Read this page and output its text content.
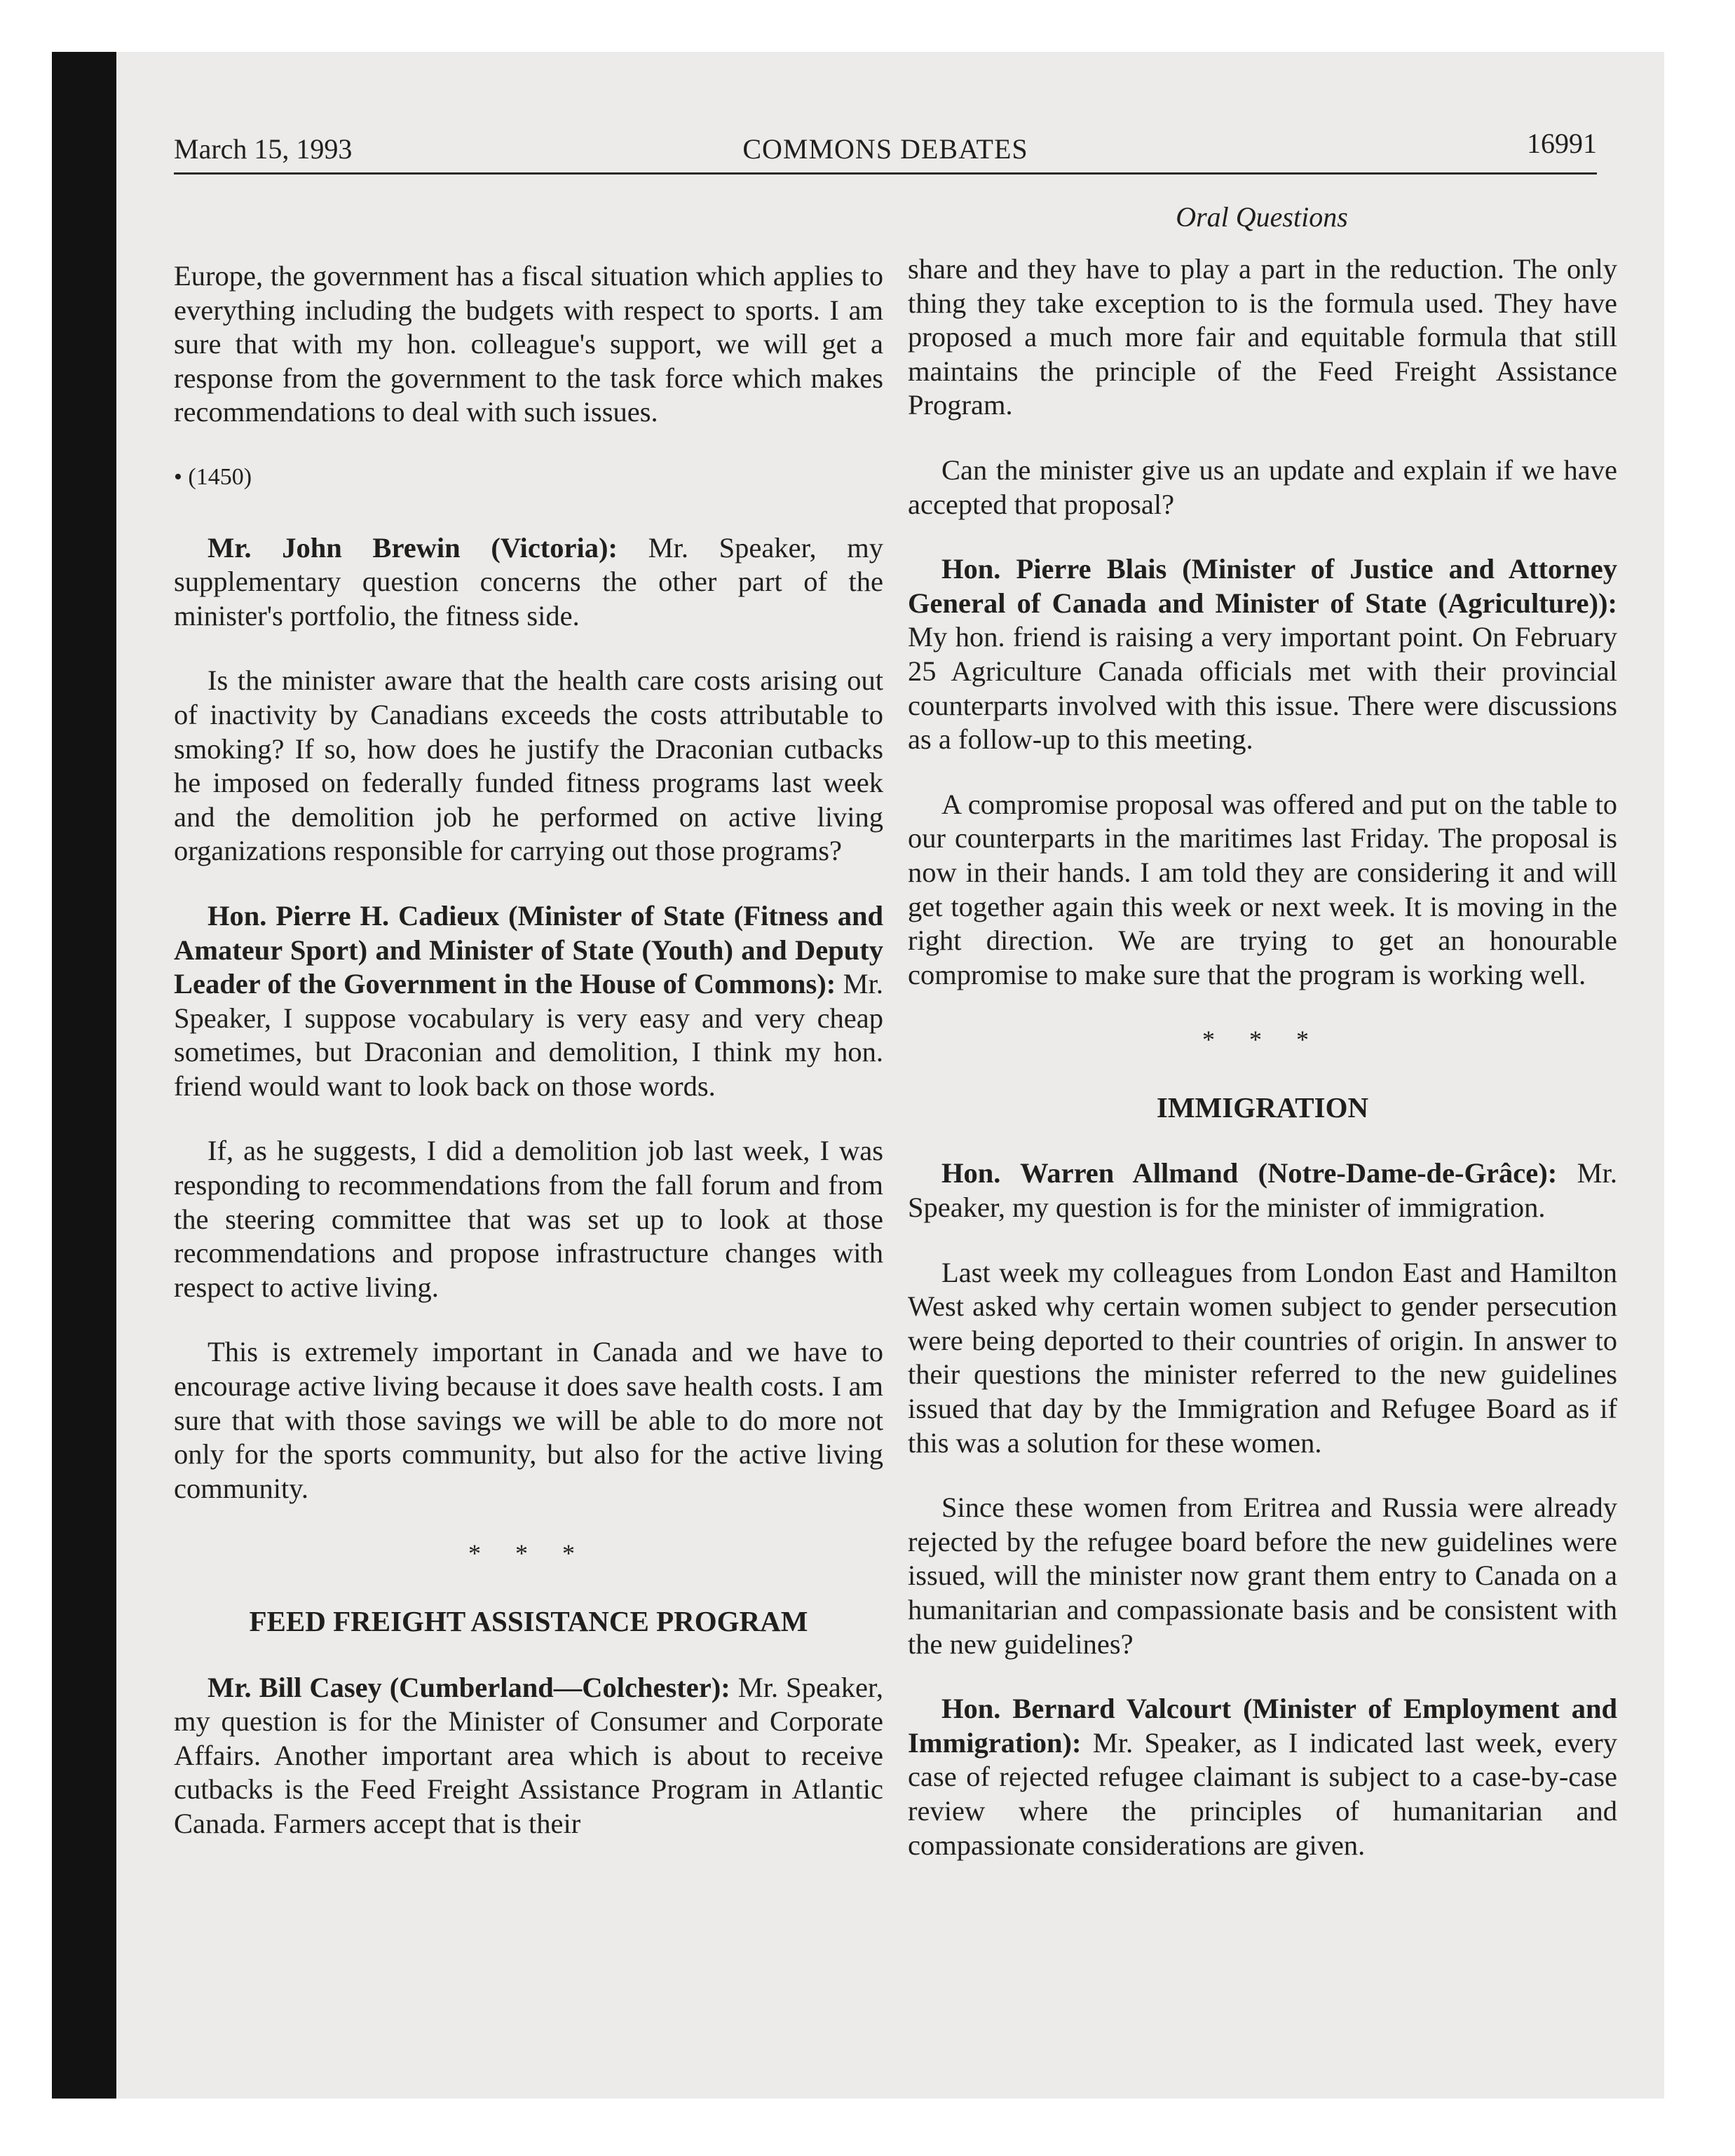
March 15, 1993	COMMONS DEBATES	16991
Oral Questions

Europe, the government has a fiscal situation which applies to everything including the budgets with respect to sports. I am sure that with my hon. colleague's support, we will get a response from the government to the task force which makes recommendations to deal with such issues.

• (1450)

Mr. John Brewin (Victoria): Mr. Speaker, my supplementary question concerns the other part of the minister's portfolio, the fitness side.

Is the minister aware that the health care costs arising out of inactivity by Canadians exceeds the costs attributable to smoking? If so, how does he justify the Draconian cutbacks he imposed on federally funded fitness programs last week and the demolition job he performed on active living organizations responsible for carrying out those programs?

Hon. Pierre H. Cadieux (Minister of State (Fitness and Amateur Sport) and Minister of State (Youth) and Deputy Leader of the Government in the House of Commons): Mr. Speaker, I suppose vocabulary is very easy and very cheap sometimes, but Draconian and demolition, I think my hon. friend would want to look back on those words.

If, as he suggests, I did a demolition job last week, I was responding to recommendations from the fall forum and from the steering committee that was set up to look at those recommendations and propose infrastructure changes with respect to active living.

This is extremely important in Canada and we have to encourage active living because it does save health costs. I am sure that with those savings we will be able to do more not only for the sports community, but also for the active living community.

* * *

FEED FREIGHT ASSISTANCE PROGRAM

Mr. Bill Casey (Cumberland—Colchester): Mr. Speaker, my question is for the Minister of Consumer and Corporate Affairs. Another important area which is about to receive cutbacks is the Feed Freight Assistance Program in Atlantic Canada. Farmers accept that is their

share and they have to play a part in the reduction. The only thing they take exception to is the formula used. They have proposed a much more fair and equitable formula that still maintains the principle of the Feed Freight Assistance Program.

Can the minister give us an update and explain if we have accepted that proposal?

Hon. Pierre Blais (Minister of Justice and Attorney General of Canada and Minister of State (Agriculture)): My hon. friend is raising a very important point. On February 25 Agriculture Canada officials met with their provincial counterparts involved with this issue. There were discussions as a follow-up to this meeting.

A compromise proposal was offered and put on the table to our counterparts in the maritimes last Friday. The proposal is now in their hands. I am told they are considering it and will get together again this week or next week. It is moving in the right direction. We are trying to get an honourable compromise to make sure that the program is working well.

* * *

IMMIGRATION

Hon. Warren Allmand (Notre-Dame-de-Grâce): Mr. Speaker, my question is for the minister of immigration.

Last week my colleagues from London East and Hamilton West asked why certain women subject to gender persecution were being deported to their countries of origin. In answer to their questions the minister referred to the new guidelines issued that day by the Immigration and Refugee Board as if this was a solution for these women.

Since these women from Eritrea and Russia were already rejected by the refugee board before the new guidelines were issued, will the minister now grant them entry to Canada on a humanitarian and compassionate basis and be consistent with the new guidelines?

Hon. Bernard Valcourt (Minister of Employment and Immigration): Mr. Speaker, as I indicated last week, every case of rejected refugee claimant is subject to a case-by-case review where the principles of humanitarian and compassionate considerations are given.
